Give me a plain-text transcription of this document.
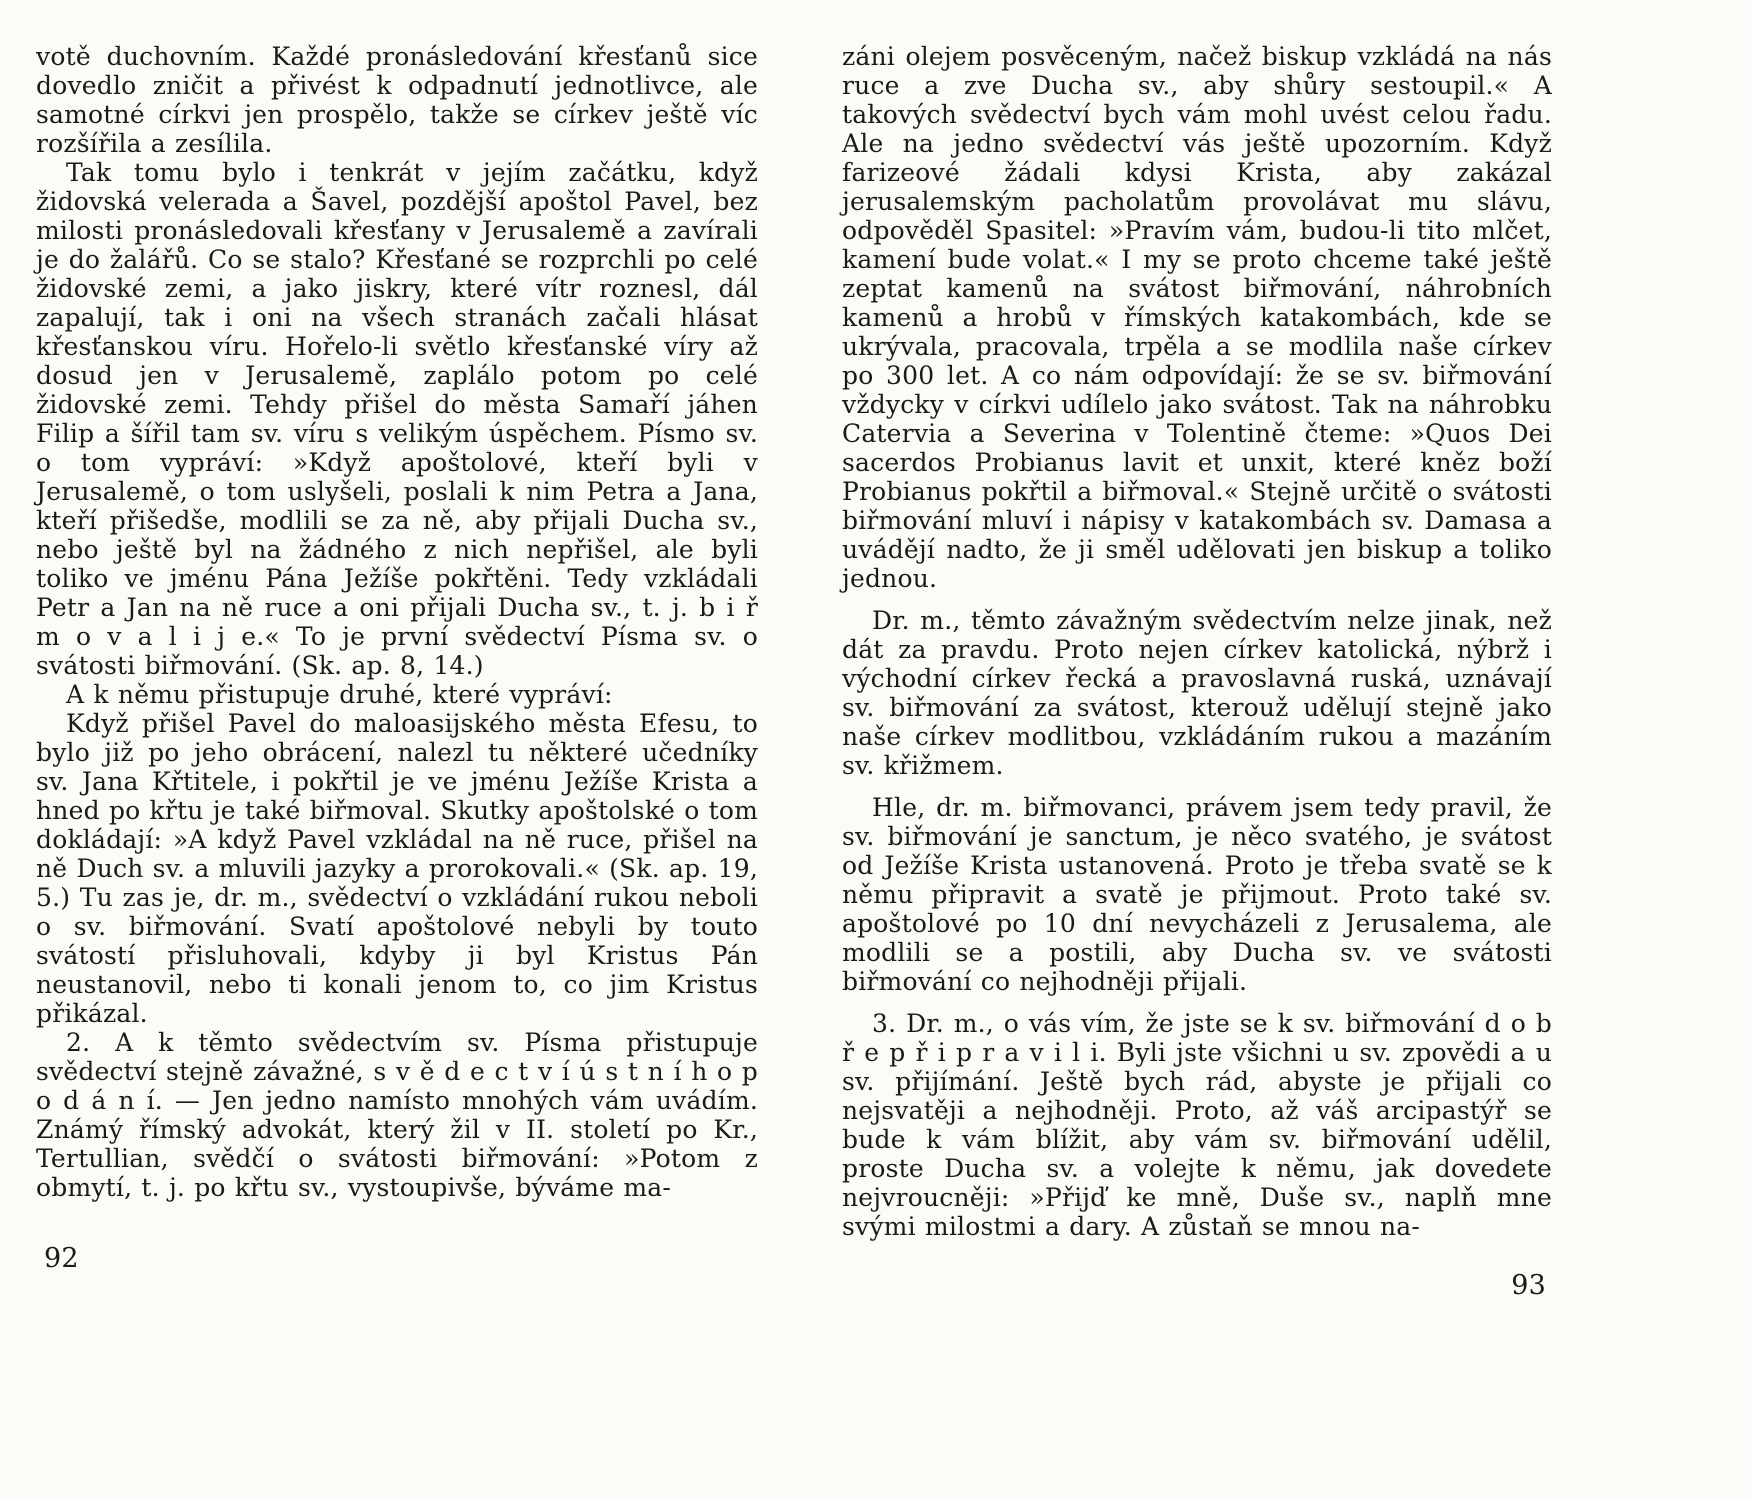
votě duchovním. Každé pronásledování křesťanů sice dovedlo zničit a přivést k odpadnutí jednotlivce, ale samotné církvi jen prospělo, takže se církev ještě víc rozšířila a zesílila.

Tak tomu bylo i tenkrát v jejím začátku, když židovská velerada a Šavel, pozdější apoštol Pavel, bez milosti pronásledovali křesťany v Jerusalemě a zavírali je do žalářů. Co se stalo? Křesťané se rozprchli po celé židovské zemi, a jako jiskry, které vítr roznesl, dál zapalují, tak i oni na všech stranách začali hlásat křesťanskou víru. Hořelo-li světlo křesťanské víry až dosud jen v Jerusalemě, zaplálo potom po celé židovské zemi. Tehdy přišel do města Samaří jáhen Filip a šířil tam sv. víru s velikým úspěchem. Písmo sv. o tom vypráví: »Když apoštolové, kteří byli v Jerusalemě, o tom uslyšeli, poslali k nim Petra a Jana, kteří přišedše, modlili se za ně, aby přijali Ducha sv., nebo ještě byl na žádného z nich nepřišel, ale byli toliko ve jménu Pána Ježíše pokřtěni. Tedy vzkládali Petr a Jan na ně ruce a oni přijali Ducha sv., t. j. b i ř m o v a l i j e.« To je první svědectví Písma sv. o svátosti biřmování. (Sk. ap. 8, 14.)

A k němu přistupuje druhé, které vypráví:

Když přišel Pavel do maloasijského města Efesu, to bylo již po jeho obrácení, nalezl tu některé učedníky sv. Jana Křtitele, i pokřtil je ve jménu Ježíše Krista a hned po křtu je také biřmoval. Skutky apoštolské o tom dokládají: »A když Pavel vzkládal na ně ruce, přišel na ně Duch sv. a mluvili jazyky a prorokovali.« (Sk. ap. 19, 5.) Tu zas je, dr. m., svědectví o vzkládání rukou neboli o sv. biřmování. Svatí apoštolové nebyli by touto svátostí přisluhovali, kdyby ji byl Kristus Pán neustanovil, nebo ti konali jenom to, co jim Kristus přikázal.

2. A k těmto svědectvím sv. Písma přistupuje svědectví stejně závažné, s v ě d e c t v í ú s t n í h o p o d á n í. — Jen jedno namísto mnohých vám uvádím. Známý římský advokát, který žil v II. století po Kr., Tertullian, svědčí o svátosti biřmování: »Potom z obmytí, t. j. po křtu sv., vystoupivše, býváme ma-

92

záni olejem posvěceným, načež biskup vzkládá na nás ruce a zve Ducha sv., aby shůry sestoupil.« A takových svědectví bych vám mohl uvést celou řadu. Ale na jedno svědectví vás ještě upozorním. Když farizeové žádali kdysi Krista, aby zakázal jerusalemským pacholatům provolávat mu slávu, odpověděl Spasitel: »Pravím vám, budou-li tito mlčet, kamení bude volat.« I my se proto chceme také ještě zeptat kamenů na svátost biřmování, náhrobních kamenů a hrobů v římských katakombách, kde se ukrývala, pracovala, trpěla a se modlila naše církev po 300 let. A co nám odpovídají: že se sv. biřmování vždycky v církvi udílelo jako svátost. Tak na náhrobku Catervia a Severina v Tolentině čteme: »Quos Dei sacerdos Probianus lavit et unxit, které kněz boží Probianus pokřtil a biřmoval.« Stejně určitě o svátosti biřmování mluví i nápisy v katakombách sv. Damasa a uvádějí nadto, že ji směl udělovati jen biskup a toliko jednou.

Dr. m., těmto závažným svědectvím nelze jinak, než dát za pravdu. Proto nejen církev katolická, nýbrž i východní církev řecká a pravoslavná ruská, uznávají sv. biřmování za svátost, kterouž udělují stejně jako naše církev modlitbou, vzkládáním rukou a mazáním sv. křižmem.

Hle, dr. m. biřmovanci, právem jsem tedy pravil, že sv. biřmování je sanctum, je něco svatého, je svátost od Ježíše Krista ustanovená. Proto je třeba svatě se k němu připravit a svatě je přijmout. Proto také sv. apoštolové po 10 dní nevycházeli z Jerusalema, ale modlili se a postili, aby Ducha sv. ve svátosti biřmování co nejhodněji přijali.

3. Dr. m., o vás vím, že jste se k sv. biřmování d o b ř e p ř i p r a v i l i. Byli jste všichni u sv. zpovědi a u sv. přijímání. Ještě bych rád, abyste je přijali co nejsvatěji a nejhodněji. Proto, až váš arcipastýř se bude k vám blížit, aby vám sv. biřmování udělil, proste Ducha sv. a volejte k němu, jak dovedete nejvroucněji: »Přijď ke mně, Duše sv., naplň mne svými milostmi a dary. A zůstaň se mnou na-

93
